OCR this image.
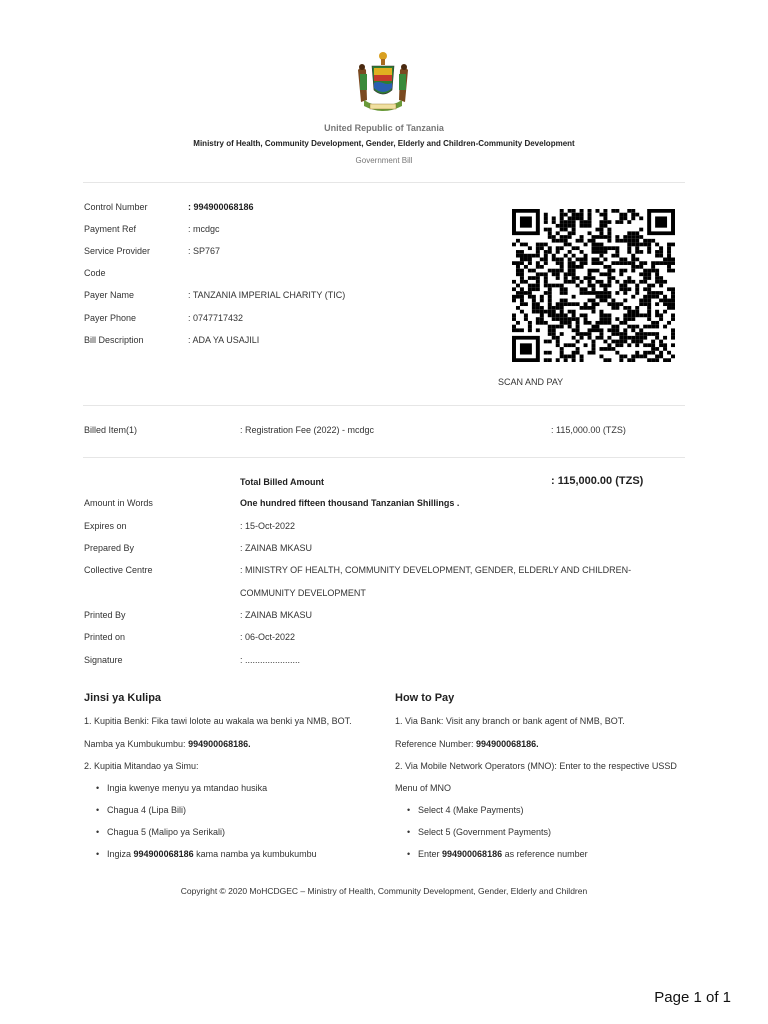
United Republic of Tanzania
Ministry of Health, Community Development, Gender, Elderly and Children-Community Development
Government Bill
Control Number	: 994900068186
Payment Ref	: mcdgc
Service Provider	: SP767
Code
Payer Name	: TANZANIA IMPERIAL CHARITY (TIC)
Payer Phone	: 0747717432
Bill Description	: ADA YA USAJILI
SCAN AND PAY
Billed Item(1)	: Registration Fee (2022) - mcdgc	: 115,000.00 (TZS)
Total Billed Amount	: 115,000.00 (TZS)
Amount in Words	One hundred fifteen thousand Tanzanian Shillings .
Expires on	: 15-Oct-2022
Prepared By	: ZAINAB MKASU
Collective Centre	: MINISTRY OF HEALTH, COMMUNITY DEVELOPMENT, GENDER, ELDERLY AND CHILDREN-
COMMUNITY DEVELOPMENT
Printed By	: ZAINAB MKASU
Printed on	: 06-Oct-2022
Signature	: ......................
Jinsi ya Kulipa
1. Kupitia Benki: Fika tawi lolote au wakala wa benki ya NMB, BOT.
Namba ya Kumbukumbu: 994900068186.
2. Kupitia Mitandao ya Simu:
• Ingia kwenye menyu ya mtandao husika
• Chagua 4 (Lipa Bili)
• Chagua 5 (Malipo ya Serikali)
• Ingiza 994900068186 kama namba ya kumbukumbu
How to Pay
1. Via Bank: Visit any branch or bank agent of NMB, BOT.
Reference Number: 994900068186.
2. Via Mobile Network Operators (MNO): Enter to the respective USSD
Menu of MNO
• Select 4 (Make Payments)
• Select 5 (Government Payments)
• Enter 994900068186 as reference number
Copyright © 2020 MoHCDGEC – Ministry of Health, Community Development, Gender, Elderly and Children
Page 1 of 1
